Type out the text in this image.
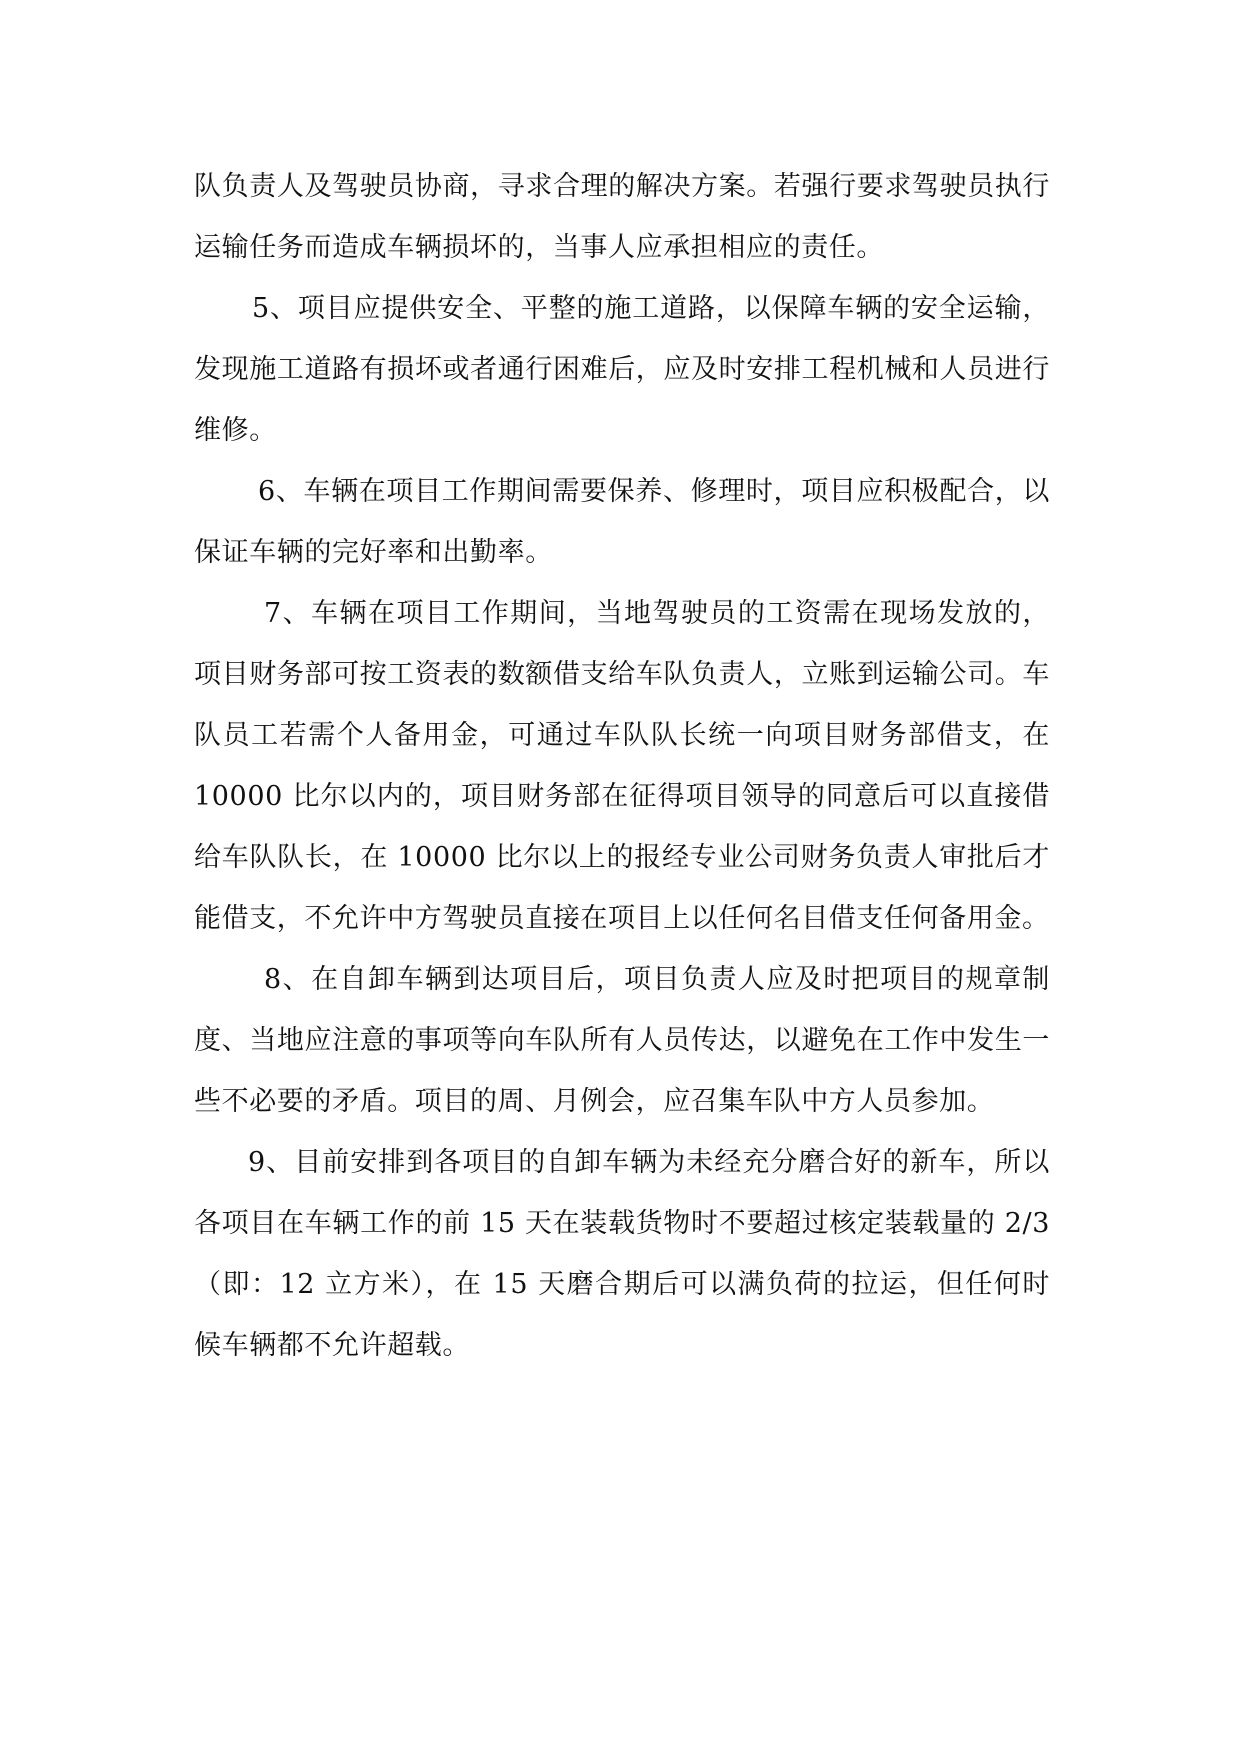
队负责人及驾驶员协商，寻求合理的解决方案。若强行要求驾驶员执行运输任务而造成车辆损坏的，当事人应承担相应的责任。

5、项目应提供安全、平整的施工道路，以保障车辆的安全运输，发现施工道路有损坏或者通行困难后，应及时安排工程机械和人员进行维修。

6、车辆在项目工作期间需要保养、修理时，项目应积极配合，以保证车辆的完好率和出勤率。

7、车辆在项目工作期间，当地驾驶员的工资需在现场发放的，项目财务部可按工资表的数额借支给车队负责人，立账到运输公司。车队员工若需个人备用金，可通过车队队长统一向项目财务部借支，在 10000 比尔以内的，项目财务部在征得项目领导的同意后可以直接借给车队队长，在 10000 比尔以上的报经专业公司财务负责人审批后才能借支，不允许中方驾驶员直接在项目上以任何名目借支任何备用金。

8、在自卸车辆到达项目后，项目负责人应及时把项目的规章制度、当地应注意的事项等向车队所有人员传达，以避免在工作中发生一些不必要的矛盾。项目的周、月例会，应召集车队中方人员参加。

9、目前安排到各项目的自卸车辆为未经充分磨合好的新车，所以各项目在车辆工作的前 15 天在装载货物时不要超过核定装载量的 2/3（即：12 立方米），在 15 天磨合期后可以满负荷的拉运，但任何时候车辆都不允许超载。
